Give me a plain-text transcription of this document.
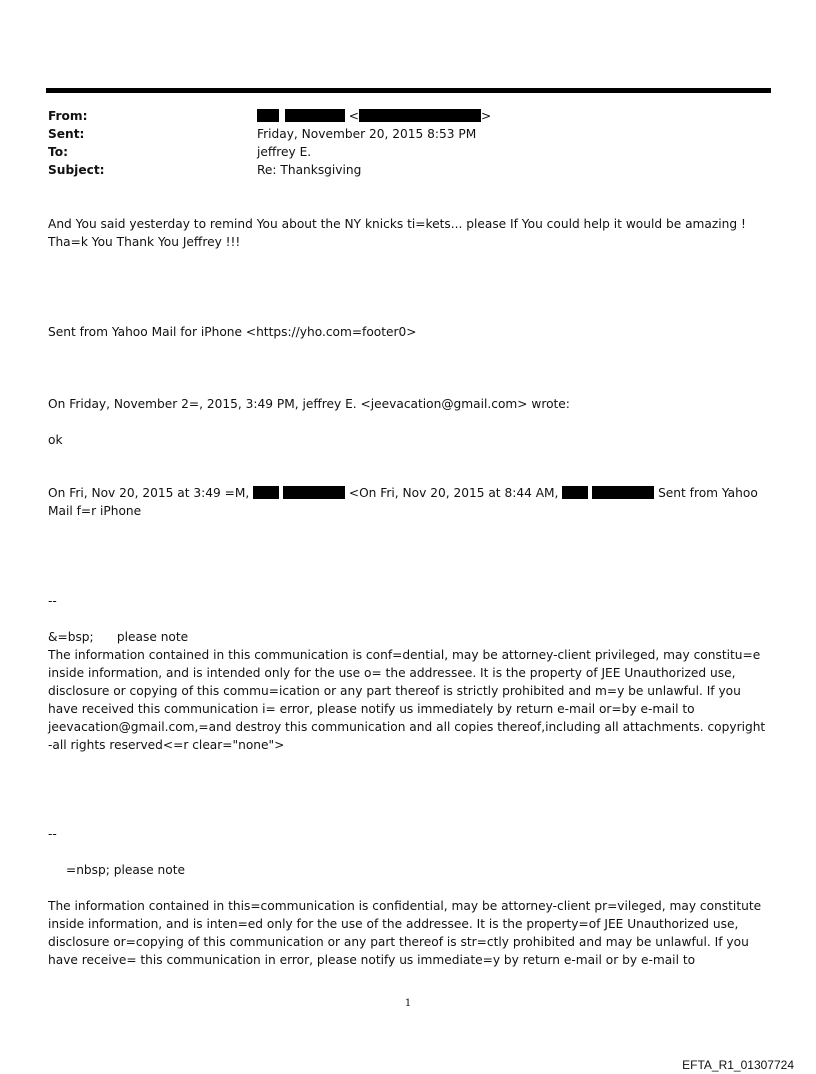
From:	<	>
Sent:	Friday, November 20, 2015 8:53 PM
To:	jeffrey E.
Subject:	Re: Thanksgiving
And You said yesterday to remind You about the NY knicks ti=kets... please If You could help it would be amazing !
Tha=k You Thank You Jeffrey !!!
Sent from Yahoo Mail for iPhone <https://yho.com=footer0>
On Friday, November 2=, 2015, 3:49 PM, jeffrey E. <jeevacation@gmail.com> wrote:
ok
On Fri, Nov 20, 2015 at 3:49 =M,	<On Fri, Nov 20, 2015 at 8:44 AM,	Sent from Yahoo
Mail f=r iPhone
--
&=bsp;      please note
The information contained in this communication is conf=dential, may be attorney-client privileged, may constitu=e inside information, and is intended only for the use o= the addressee. It is the property of JEE Unauthorized use, disclosure or copying of this commu=ication or any part thereof is strictly prohibited and m=y be unlawful. If you have received this communication i= error, please notify us immediately by return e-mail or=by e-mail to jeevacation@gmail.com,=and destroy this communication and all copies thereof,including all attachments. copyright -all rights reserved<=r clear="none">
--
=nbsp; please note
The information contained in this=communication is confidential, may be attorney-client pr=vileged, may constitute inside information, and is inten=ed only for the use of the addressee. It is the property=of JEE Unauthorized use, disclosure or=copying of this communication or any part thereof is str=ctly prohibited and may be unlawful. If you have receive= this communication in error, please notify us immediate=y by return e-mail or by e-mail to
1
EFTA_R1_01307724
